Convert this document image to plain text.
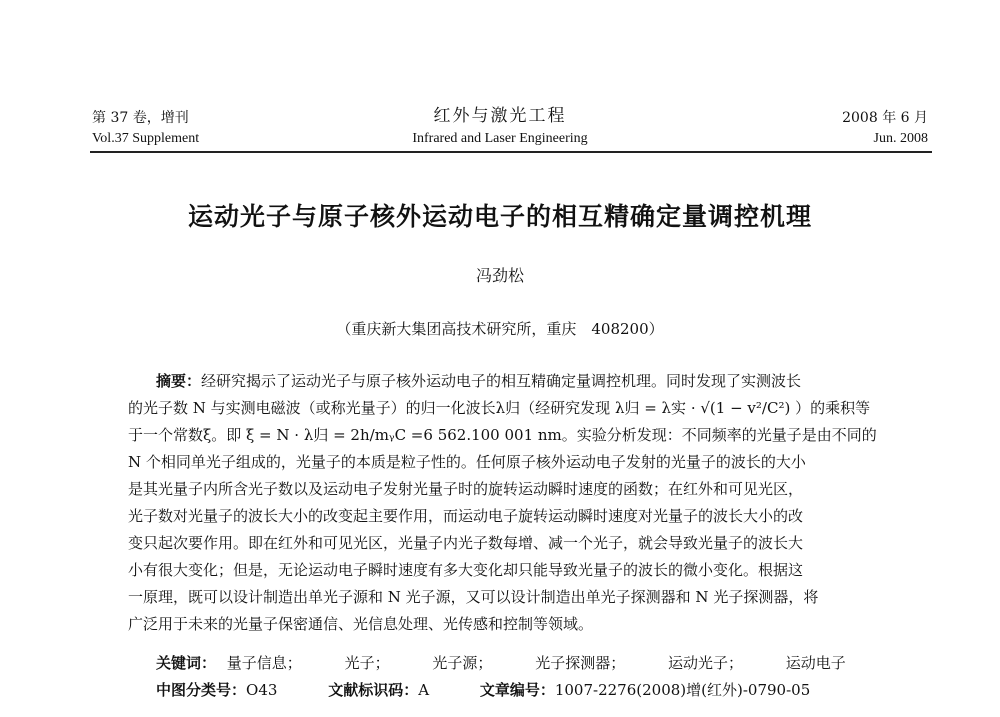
第 37 卷，增刊
Vol.37 Supplement
红外与激光工程
Infrared and Laser Engineering
2008 年 6 月
Jun. 2008
运动光子与原子核外运动电子的相互精确定量调控机理
冯劲松
（重庆新大集团高技术研究所，重庆　408200）

摘要：经研究揭示了运动光子与原子核外运动电子的相互精确定量调控机理。同时发现了实测波长

的光子数 N 与实测电磁波（或称光量子）的归一化波长λ归（经研究发现 λ归 = λ实 · √(1 − v²/C²) ）的乘积等

于一个常数ξ。即 ξ = N · λ归 = 2h/mᵧC =6 562.100 001 nm。实验分析发现：不同频率的光量子是由不同的

N 个相同单光子组成的，光量子的本质是粒子性的。任何原子核外运动电子发射的光量子的波长的大小

是其光量子内所含光子数以及运动电子发射光量子时的旋转运动瞬时速度的函数；在红外和可见光区，

光子数对光量子的波长大小的改变起主要作用，而运动电子旋转运动瞬时速度对光量子的波长大小的改

变只起次要作用。即在红外和可见光区，光量子内光子数每增、减一个光子，就会导致光量子的波长大

小有很大变化；但是，无论运动电子瞬时速度有多大变化却只能导致光量子的波长的微小变化。根据这

一原理，既可以设计制造出单光子源和 N 光子源，又可以设计制造出单光子探测器和 N 光子探测器，将

广泛用于未来的光量子保密通信、光信息处理、光传感和控制等领域。

关键词： 量子信息；	光子；	光子源；	光子探测器；	运动光子；	运动电子
中图分类号：O43	文献标识码：A	文章编号：1007-2276(2008)增(红外)-0790-05
